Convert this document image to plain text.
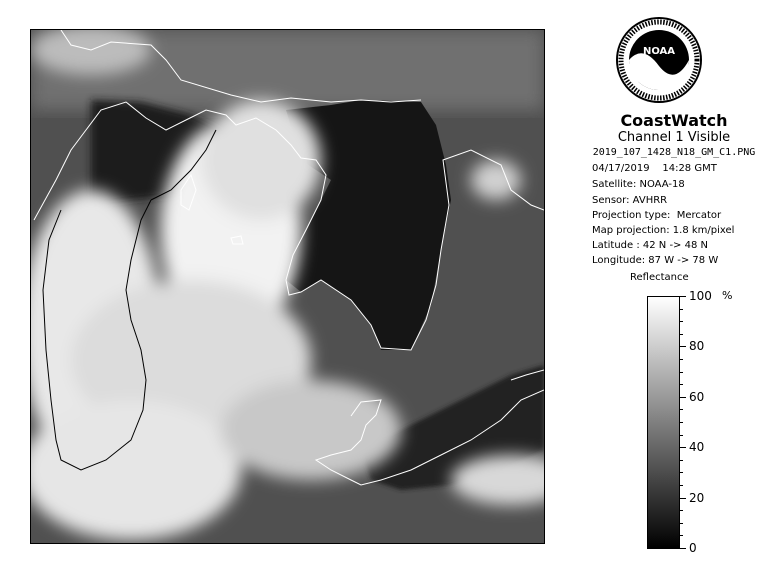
NOAA
CoastWatch
Channel 1 Visible
2019_107_1428_N18_GM_C1.PNG
04/17/2019    14:28 GMT
Satellite: NOAA-18
Sensor: AVHRR
Projection type:  Mercator
Map projection: 1.8 km/pixel
Latitude : 42 N -> 48 N
Longitude: 87 W -> 78 W
Reflectance
100
80
60
40
20
0
%
